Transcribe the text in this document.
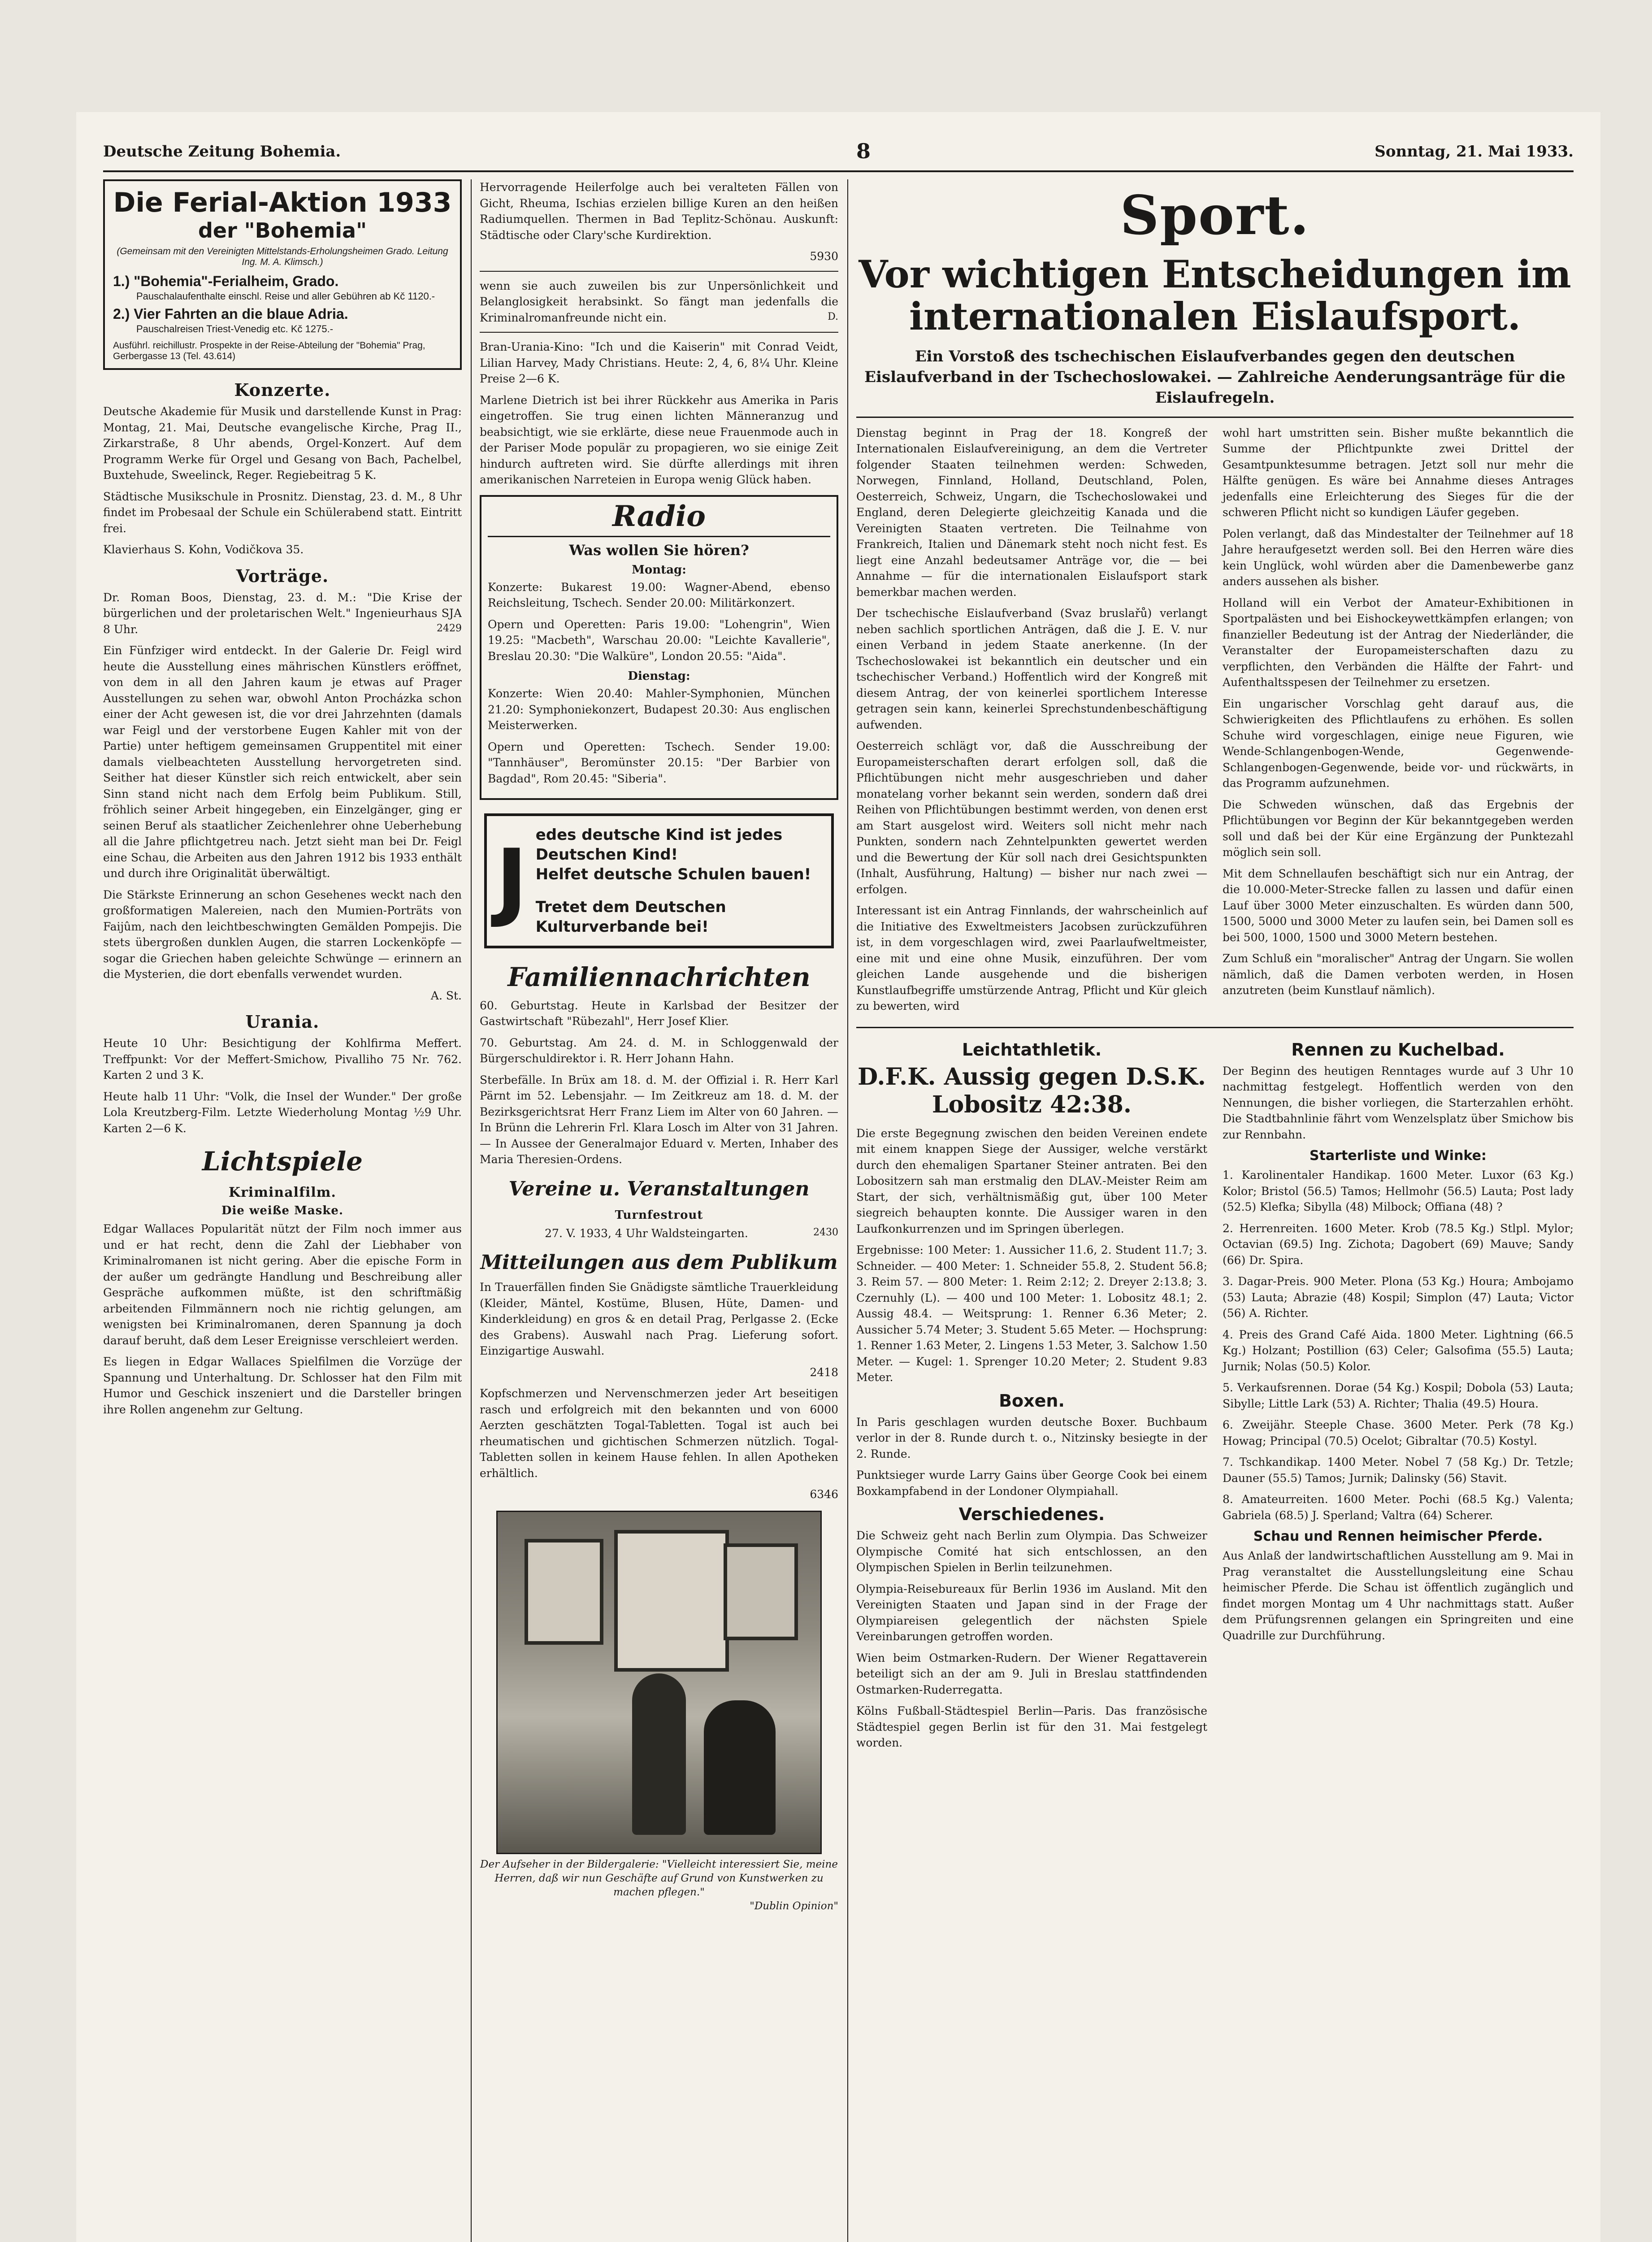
Deutsche Zeitung Bohemia.	8	Sonntag, 21. Mai 1933.
Die Ferial-Aktion 1933
der "Bohemia"
(Gemeinsam mit den Vereinigten Mittelstands-Erholungsheimen Grado. Leitung Ing. M. A. Klimsch.)
1.) "Bohemia"-Ferialheim, Grado.
Pauschalaufenthalte einschl. Reise und aller Gebühren ab Kč 1120.-
2.) Vier Fahrten an die blaue Adria.
Pauschalreisen Triest-Venedig etc. Kč 1275.-
Ausführl. reichillustr. Prospekte in der Reise-Abteilung der "Bohemia" Prag, Gerbergasse 13 (Tel. 43.614)
Konzerte.

Deutsche Akademie für Musik und darstellende Kunst in Prag: Montag, 21. Mai, Deutsche evangelische Kirche, Prag II., Zirkarstraße, 8 Uhr abends, Orgel-Konzert. Auf dem Programm Werke für Orgel und Gesang von Bach, Pachelbel, Buxtehude, Sweelinck, Reger. Regiebeitrag 5 K.

Städtische Musikschule in Prosnitz. Dienstag, 23. d. M., 8 Uhr findet im Probesaal der Schule ein Schülerabend statt. Eintritt frei.

Klavierhaus S. Kohn, Vodičkova 35.

Vorträge.

Dr. Roman Boos, Dienstag, 23. d. M.: "Die Krise der bürgerlichen und der proletarischen Welt." Ingenieurhaus SJA 8 Uhr.	2429

Ein Fünfziger wird entdeckt. In der Galerie Dr. Feigl wird heute die Ausstellung eines mährischen Künstlers eröffnet, von dem in all den Jahren kaum je etwas auf Prager Ausstellungen zu sehen war, obwohl Anton Procházka schon einer der Acht gewesen ist, die vor drei Jahrzehnten (damals war Feigl und der verstorbene Eugen Kahler mit von der Partie) unter heftigem gemeinsamen Gruppentitel mit einer damals vielbeachteten Ausstellung hervorgetreten sind. Seither hat dieser Künstler sich reich entwickelt, aber sein Sinn stand nicht nach dem Erfolg beim Publikum. Still, fröhlich seiner Arbeit hingegeben, ein Einzelgänger, ging er seinen Beruf als staatlicher Zeichenlehrer ohne Ueberhebung all die Jahre pflichtgetreu nach. Jetzt sieht man bei Dr. Feigl eine Schau, die Arbeiten aus den Jahren 1912 bis 1933 enthält und durch ihre Originalität überwältigt.

Die Stärkste Erinnerung an schon Gesehenes weckt nach den großformatigen Malereien, nach den Mumien-Porträts von Faijûm, nach den leichtbeschwingten Gemälden Pompejis. Die stets übergroßen dunklen Augen, die starren Lockenköpfe — sogar die Griechen haben geleichte Schwünge — erinnern an die Mysterien, die dort ebenfalls verwendet wurden.

A. St.

Urania.

Heute 10 Uhr: Besichtigung der Kohlfirma Meffert. Treffpunkt: Vor der Meffert-Smichow, Pivalliho 75 Nr. 762. Karten 2 und 3 K.

Heute halb 11 Uhr: "Volk, die Insel der Wunder." Der große Lola Kreutzberg-Film. Letzte Wiederholung Montag ½9 Uhr. Karten 2—6 K.

Lichtspiele
Kriminalfilm.
Die weiße Maske.

Edgar Wallaces Popularität nützt der Film noch immer aus und er hat recht, denn die Zahl der Liebhaber von Kriminalromanen ist nicht gering. Aber die epische Form in der außer um gedrängte Handlung und Beschreibung aller Gespräche aufkommen müßte, ist den schriftmäßig arbeitenden Filmmännern noch nie richtig gelungen, am wenigsten bei Kriminalromanen, deren Spannung ja doch darauf beruht, daß dem Leser Ereignisse verschleiert werden.

Es liegen in Edgar Wallaces Spielfilmen die Vorzüge der Spannung und Unterhaltung. Dr. Schlosser hat den Film mit Humor und Geschick inszeniert und die Darsteller bringen ihre Rollen angenehm zur Geltung.

Hervorragende Heilerfolge auch bei veralteten Fällen von Gicht, Rheuma, Ischias erzielen billige Kuren an den heißen Radiumquellen. Thermen in Bad Teplitz-Schönau. Auskunft: Städtische oder Clary'sche Kurdirektion.

5930

wenn sie auch zuweilen bis zur Unpersönlichkeit und Belanglosigkeit herabsinkt. So fängt man jedenfalls die Kriminalromanfreunde nicht ein.	D.

Bran-Urania-Kino: "Ich und die Kaiserin" mit Conrad Veidt, Lilian Harvey, Mady Christians. Heute: 2, 4, 6, 8¼ Uhr. Kleine Preise 2—6 K.

Marlene Dietrich ist bei ihrer Rückkehr aus Amerika in Paris eingetroffen. Sie trug einen lichten Männeranzug und beabsichtigt, wie sie erklärte, diese neue Frauenmode auch in der Pariser Mode populär zu propagieren, wo sie einige Zeit hindurch auftreten wird. Sie dürfte allerdings mit ihren amerikanischen Narreteien in Europa wenig Glück haben.

Radio
Was wollen Sie hören?
Montag:

Konzerte: Bukarest 19.00: Wagner-Abend, ebenso Reichsleitung, Tschech. Sender 20.00: Militärkonzert.

Opern und Operetten: Paris 19.00: "Lohengrin", Wien 19.25: "Macbeth", Warschau 20.00: "Leichte Kavallerie", Breslau 20.30: "Die Walküre", London 20.55: "Aida".

Dienstag:

Konzerte: Wien 20.40: Mahler-Symphonien, München 21.20: Symphoniekonzert, Budapest 20.30: Aus englischen Meisterwerken.

Opern und Operetten: Tschech. Sender 19.00: "Tannhäuser", Beromünster 20.15: "Der Barbier von Bagdad", Rom 20.45: "Siberia".

J edes deutsche Kind ist jedes Deutschen Kind!
Helfet deutsche Schulen bauen!
Tretet dem Deutschen Kulturverbande bei!
Familiennachrichten

60. Geburtstag. Heute in Karlsbad der Besitzer der Gastwirtschaft "Rübezahl", Herr Josef Klier.

70. Geburtstag. Am 24. d. M. in Schloggenwald der Bürgerschuldirektor i. R. Herr Johann Hahn.

Sterbefälle. In Brüx am 18. d. M. der Offizial i. R. Herr Karl Pärnt im 52. Lebensjahr. — Im Zeitkreuz am 18. d. M. der Bezirksgerichtsrat Herr Franz Liem im Alter von 60 Jahren. — In Brünn die Lehrerin Frl. Klara Losch im Alter von 31 Jahren. — In Aussee der Generalmajor Eduard v. Merten, Inhaber des Maria Theresien-Ordens.

Vereine u. Veranstaltungen
Turnfestrout

27. V. 1933, 4 Uhr Waldsteingarten.	2430

Mitteilungen aus dem Publikum

In Trauerfällen finden Sie Gnädigste sämtliche Trauerkleidung (Kleider, Mäntel, Kostüme, Blusen, Hüte, Damen- und Kinderkleidung) en gros & en detail Prag, Perlgasse 2. (Ecke des Grabens). Auswahl nach Prag. Lieferung sofort. Einzigartige Auswahl.

2418

Kopfschmerzen und Nervenschmerzen jeder Art beseitigen rasch und erfolgreich mit den bekannten und von 6000 Aerzten geschätzten Togal-Tabletten. Togal ist auch bei rheumatischen und gichtischen Schmerzen nützlich. Togal-Tabletten sollen in keinem Hause fehlen. In allen Apotheken erhältlich.

6346

Der Aufseher in der Bildergalerie: "Vielleicht interessiert Sie, meine Herren, daß wir nun Geschäfte auf Grund von Kunstwerken zu machen pflegen."
"Dublin Opinion"
Sport.
Vor wichtigen Entscheidungen im internationalen Eislaufsport.
Ein Vorstoß des tschechischen Eislaufverbandes gegen den deutschen Eislaufverband in der Tschechoslowakei. — Zahlreiche Aenderungsanträge für die Eislaufregeln.

Dienstag beginnt in Prag der 18. Kongreß der Internationalen Eislaufvereinigung, an dem die Vertreter folgender Staaten teilnehmen werden: Schweden, Norwegen, Finnland, Holland, Deutschland, Polen, Oesterreich, Schweiz, Ungarn, die Tschechoslowakei und England, deren Delegierte gleichzeitig Kanada und die Vereinigten Staaten vertreten. Die Teilnahme von Frankreich, Italien und Dänemark steht noch nicht fest. Es liegt eine Anzahl bedeutsamer Anträge vor, die — bei Annahme — für die internationalen Eislaufsport stark bemerkbar machen werden.

Der tschechische Eislaufverband (Svaz bruslařů) verlangt neben sachlich sportlichen Anträgen, daß die J. E. V. nur einen Verband in jedem Staate anerkenne. (In der Tschechoslowakei ist bekanntlich ein deutscher und ein tschechischer Verband.) Hoffentlich wird der Kongreß mit diesem Antrag, der von keinerlei sportlichem Interesse getragen sein kann, keinerlei Sprechstundenbeschäftigung aufwenden.

Oesterreich schlägt vor, daß die Ausschreibung der Europameisterschaften derart erfolgen soll, daß die Pflichtübungen nicht mehr ausgeschrieben und daher monatelang vorher bekannt sein werden, sondern daß drei Reihen von Pflichtübungen bestimmt werden, von denen erst am Start ausgelost wird. Weiters soll nicht mehr nach Punkten, sondern nach Zehntelpunkten gewertet werden und die Bewertung der Kür soll nach drei Gesichtspunkten (Inhalt, Ausführung, Haltung) — bisher nur nach zwei — erfolgen.

Interessant ist ein Antrag Finnlands, der wahrscheinlich auf die Initiative des Exweltmeisters Jacobsen zurückzuführen ist, in dem vorgeschlagen wird, zwei Paarlaufweltmeister, eine mit und eine ohne Musik, einzuführen. Der vom gleichen Lande ausgehende und die bisherigen Kunstlaufbegriffe umstürzende Antrag, Pflicht und Kür gleich zu bewerten, wird

wohl hart umstritten sein. Bisher mußte bekanntlich die Summe der Pflichtpunkte zwei Drittel der Gesamtpunktesumme betragen. Jetzt soll nur mehr die Hälfte genügen. Es wäre bei Annahme dieses Antrages jedenfalls eine Erleichterung des Sieges für die der schweren Pflicht nicht so kundigen Läufer gegeben.

Polen verlangt, daß das Mindestalter der Teilnehmer auf 18 Jahre heraufgesetzt werden soll. Bei den Herren wäre dies kein Unglück, wohl würden aber die Damenbewerbe ganz anders aussehen als bisher.

Holland will ein Verbot der Amateur-Exhibitionen in Sportpalästen und bei Eishockeywettkämpfen erlangen; von finanzieller Bedeutung ist der Antrag der Niederländer, die Veranstalter der Europameisterschaften dazu zu verpflichten, den Verbänden die Hälfte der Fahrt- und Aufenthaltsspesen der Teilnehmer zu ersetzen.

Ein ungarischer Vorschlag geht darauf aus, die Schwierigkeiten des Pflichtlaufens zu erhöhen. Es sollen Schuhe wird vorgeschlagen, einige neue Figuren, wie Wende-Schlangenbogen-Wende, Gegenwende-Schlangenbogen-Gegenwende, beide vor- und rückwärts, in das Programm aufzunehmen.

Die Schweden wünschen, daß das Ergebnis der Pflichtübungen vor Beginn der Kür bekanntgegeben werden soll und daß bei der Kür eine Ergänzung der Punktezahl möglich sein soll.

Mit dem Schnellaufen beschäftigt sich nur ein Antrag, der die 10.000-Meter-Strecke fallen zu lassen und dafür einen Lauf über 3000 Meter einzuschalten. Es würden dann 500, 1500, 5000 und 3000 Meter zu laufen sein, bei Damen soll es bei 500, 1000, 1500 und 3000 Metern bestehen.

Zum Schluß ein "moralischer" Antrag der Ungarn. Sie wollen nämlich, daß die Damen verboten werden, in Hosen anzutreten (beim Kunstlauf nämlich).

Leichtathletik.
D.F.K. Aussig gegen D.S.K. Lobositz 42:38.

Die erste Begegnung zwischen den beiden Vereinen endete mit einem knappen Siege der Aussiger, welche verstärkt durch den ehemaligen Spartaner Steiner antraten. Bei den Lobositzern sah man erstmalig den DLAV.-Meister Reim am Start, der sich, verhältnismäßig gut, über 100 Meter siegreich behaupten konnte. Die Aussiger waren in den Laufkonkurrenzen und im Springen überlegen.

Ergebnisse: 100 Meter: 1. Aussicher 11.6, 2. Student 11.7; 3. Schneider. — 400 Meter: 1. Schneider 55.8, 2. Student 56.8; 3. Reim 57. — 800 Meter: 1. Reim 2:12; 2. Dreyer 2:13.8; 3. Czernuhly (L). — 400 und 100 Meter: 1. Lobositz 48.1; 2. Aussig 48.4. — Weitsprung: 1. Renner 6.36 Meter; 2. Aussicher 5.74 Meter; 3. Student 5.65 Meter. — Hochsprung: 1. Renner 1.63 Meter, 2. Lingens 1.53 Meter, 3. Salchow 1.50 Meter. — Kugel: 1. Sprenger 10.20 Meter; 2. Student 9.83 Meter.

Boxen.

In Paris geschlagen wurden deutsche Boxer. Buchbaum verlor in der 8. Runde durch t. o., Nitzinsky besiegte in der 2. Runde.

Punktsieger wurde Larry Gains über George Cook bei einem Boxkampfabend in der Londoner Olympiahall.

Verschiedenes.

Die Schweiz geht nach Berlin zum Olympia. Das Schweizer Olympische Comité hat sich entschlossen, an den Olympischen Spielen in Berlin teilzunehmen.

Olympia-Reisebureaux für Berlin 1936 im Ausland. Mit den Vereinigten Staaten und Japan sind in der Frage der Olympiareisen gelegentlich der nächsten Spiele Vereinbarungen getroffen worden.

Wien beim Ostmarken-Rudern. Der Wiener Regattaverein beteiligt sich an der am 9. Juli in Breslau stattfindenden Ostmarken-Ruderregatta.

Kölns Fußball-Städtespiel Berlin—Paris. Das französische Städtespiel gegen Berlin ist für den 31. Mai festgelegt worden.

Rennen zu Kuchelbad.

Der Beginn des heutigen Renntages wurde auf 3 Uhr 10 nachmittag festgelegt. Hoffentlich werden von den Nennungen, die bisher vorliegen, die Starterzahlen erhöht. Die Stadtbahnlinie fährt vom Wenzelsplatz über Smichow bis zur Rennbahn.

Starterliste und Winke:

1. Karolinentaler Handikap. 1600 Meter. Luxor (63 Kg.) Kolor; Bristol (56.5) Tamos; Hellmohr (56.5) Lauta; Post lady (52.5) Klefka; Sibylla (48) Milbock; Offiana (48) ?

2. Herrenreiten. 1600 Meter. Krob (78.5 Kg.) Stlpl. Mylor; Octavian (69.5) Ing. Zichota; Dagobert (69) Mauve; Sandy (66) Dr. Spira.

3. Dagar-Preis. 900 Meter. Plona (53 Kg.) Houra; Ambojamo (53) Lauta; Abrazie (48) Kospil; Simplon (47) Lauta; Victor (56) A. Richter.

4. Preis des Grand Café Aida. 1800 Meter. Lightning (66.5 Kg.) Holzant; Postillion (63) Celer; Galsofima (55.5) Lauta; Jurnik; Nolas (50.5) Kolor.

5. Verkaufsrennen. Dorae (54 Kg.) Kospil; Dobola (53) Lauta; Sibylle; Little Lark (53) A. Richter; Thalia (49.5) Houra.

6. Zweijähr. Steeple Chase. 3600 Meter. Perk (78 Kg.) Howag; Principal (70.5) Ocelot; Gibraltar (70.5) Kostyl.

7. Tschkandikap. 1400 Meter. Nobel 7 (58 Kg.) Dr. Tetzle; Dauner (55.5) Tamos; Jurnik; Dalinsky (56) Stavit.

8. Amateurreiten. 1600 Meter. Pochi (68.5 Kg.) Valenta; Gabriela (68.5) J. Sperland; Valtra (64) Scherer.

Schau und Rennen heimischer Pferde.

Aus Anlaß der landwirtschaftlichen Ausstellung am 9. Mai in Prag veranstaltet die Ausstellungsleitung eine Schau heimischer Pferde. Die Schau ist öffentlich zugänglich und findet morgen Montag um 4 Uhr nachmittags statt. Außer dem Prüfungsrennen gelangen ein Springreiten und eine Quadrille zur Durchführung.
